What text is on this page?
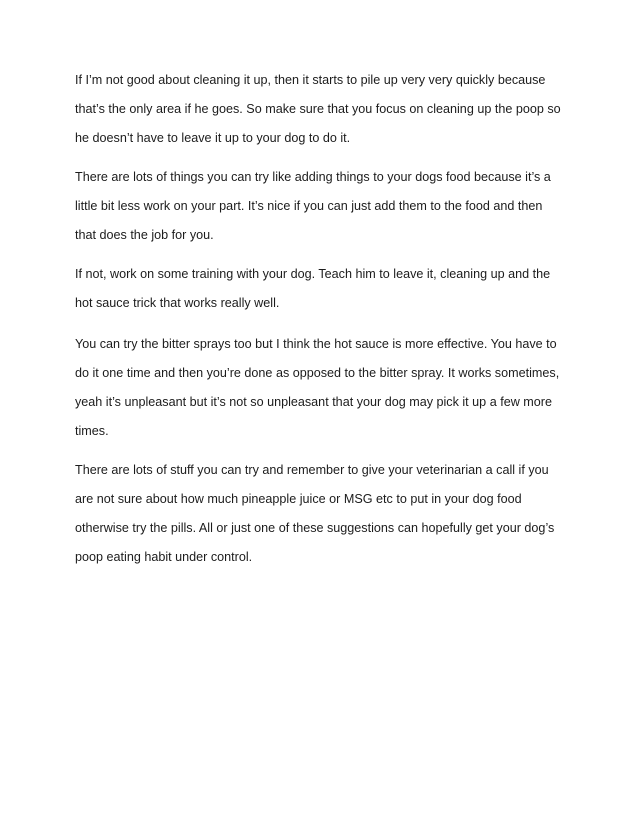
If I’m not good about cleaning it up, then it starts to pile up very very quickly because
that’s the only area if he goes. So make sure that you focus on cleaning up the poop so
he doesn’t have to leave it up to your dog to do it.

There are lots of things you can try like adding things to your dogs food because it’s a
little bit less work on your part. It’s nice if you can just add them to the food and then
that does the job for you.

If not, work on some training with your dog. Teach him to leave it, cleaning up and the
hot sauce trick that works really well.

You can try the bitter sprays too but I think the hot sauce is more effective. You have to
do it one time and then you’re done as opposed to the bitter spray. It works sometimes,
yeah it’s unpleasant but it’s not so unpleasant that your dog may pick it up a few more
times.

There are lots of stuff you can try and remember to give your veterinarian a call if you
are not sure about how much pineapple juice or MSG etc to put in your dog food
otherwise try the pills. All or just one of these suggestions can hopefully get your dog’s
poop eating habit under control.
